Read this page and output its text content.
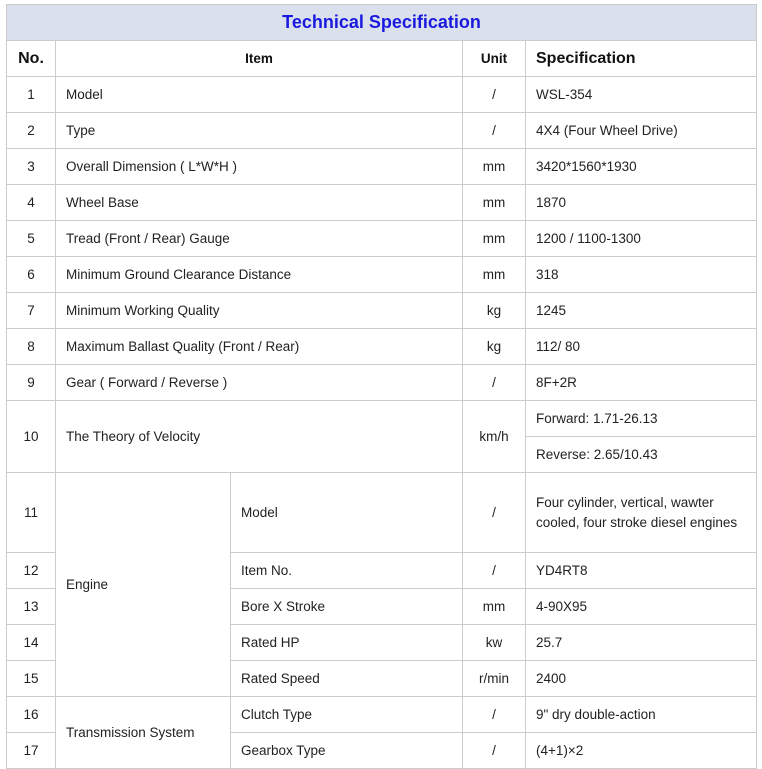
Technical Specification				
No.	Item		Unit	Specification
1	Model		/	WSL-354
2	Type		/	4X4 (Four Wheel Drive)
3	Overall Dimension ( L*W*H )		mm	3420*1560*1930
4	Wheel Base		mm	1870
5	Tread (Front / Rear) Gauge		mm	1200 / 1100-1300
6	Minimum Ground Clearance Distance		mm	318
7	Minimum Working Quality		kg	1245
8	Maximum Ballast Quality (Front / Rear)		kg	112/ 80
9	Gear ( Forward / Reverse )		/	8F+2R
10	The Theory of Velocity		km/h	Forward: 1.71-26.13
				Reverse: 2.65/10.43
11	Engine	Model	/	Four cylinder, vertical, wawter cooled, four stroke diesel engines
12		Item No.	/	YD4RT8
13		Bore X Stroke	mm	4-90X95
14		Rated HP	kw	25.7
15		Rated Speed	r/min	2400
16	Transmission System	Clutch Type	/	9" dry double-action
17		Gearbox Type	/	(4+1)×2
